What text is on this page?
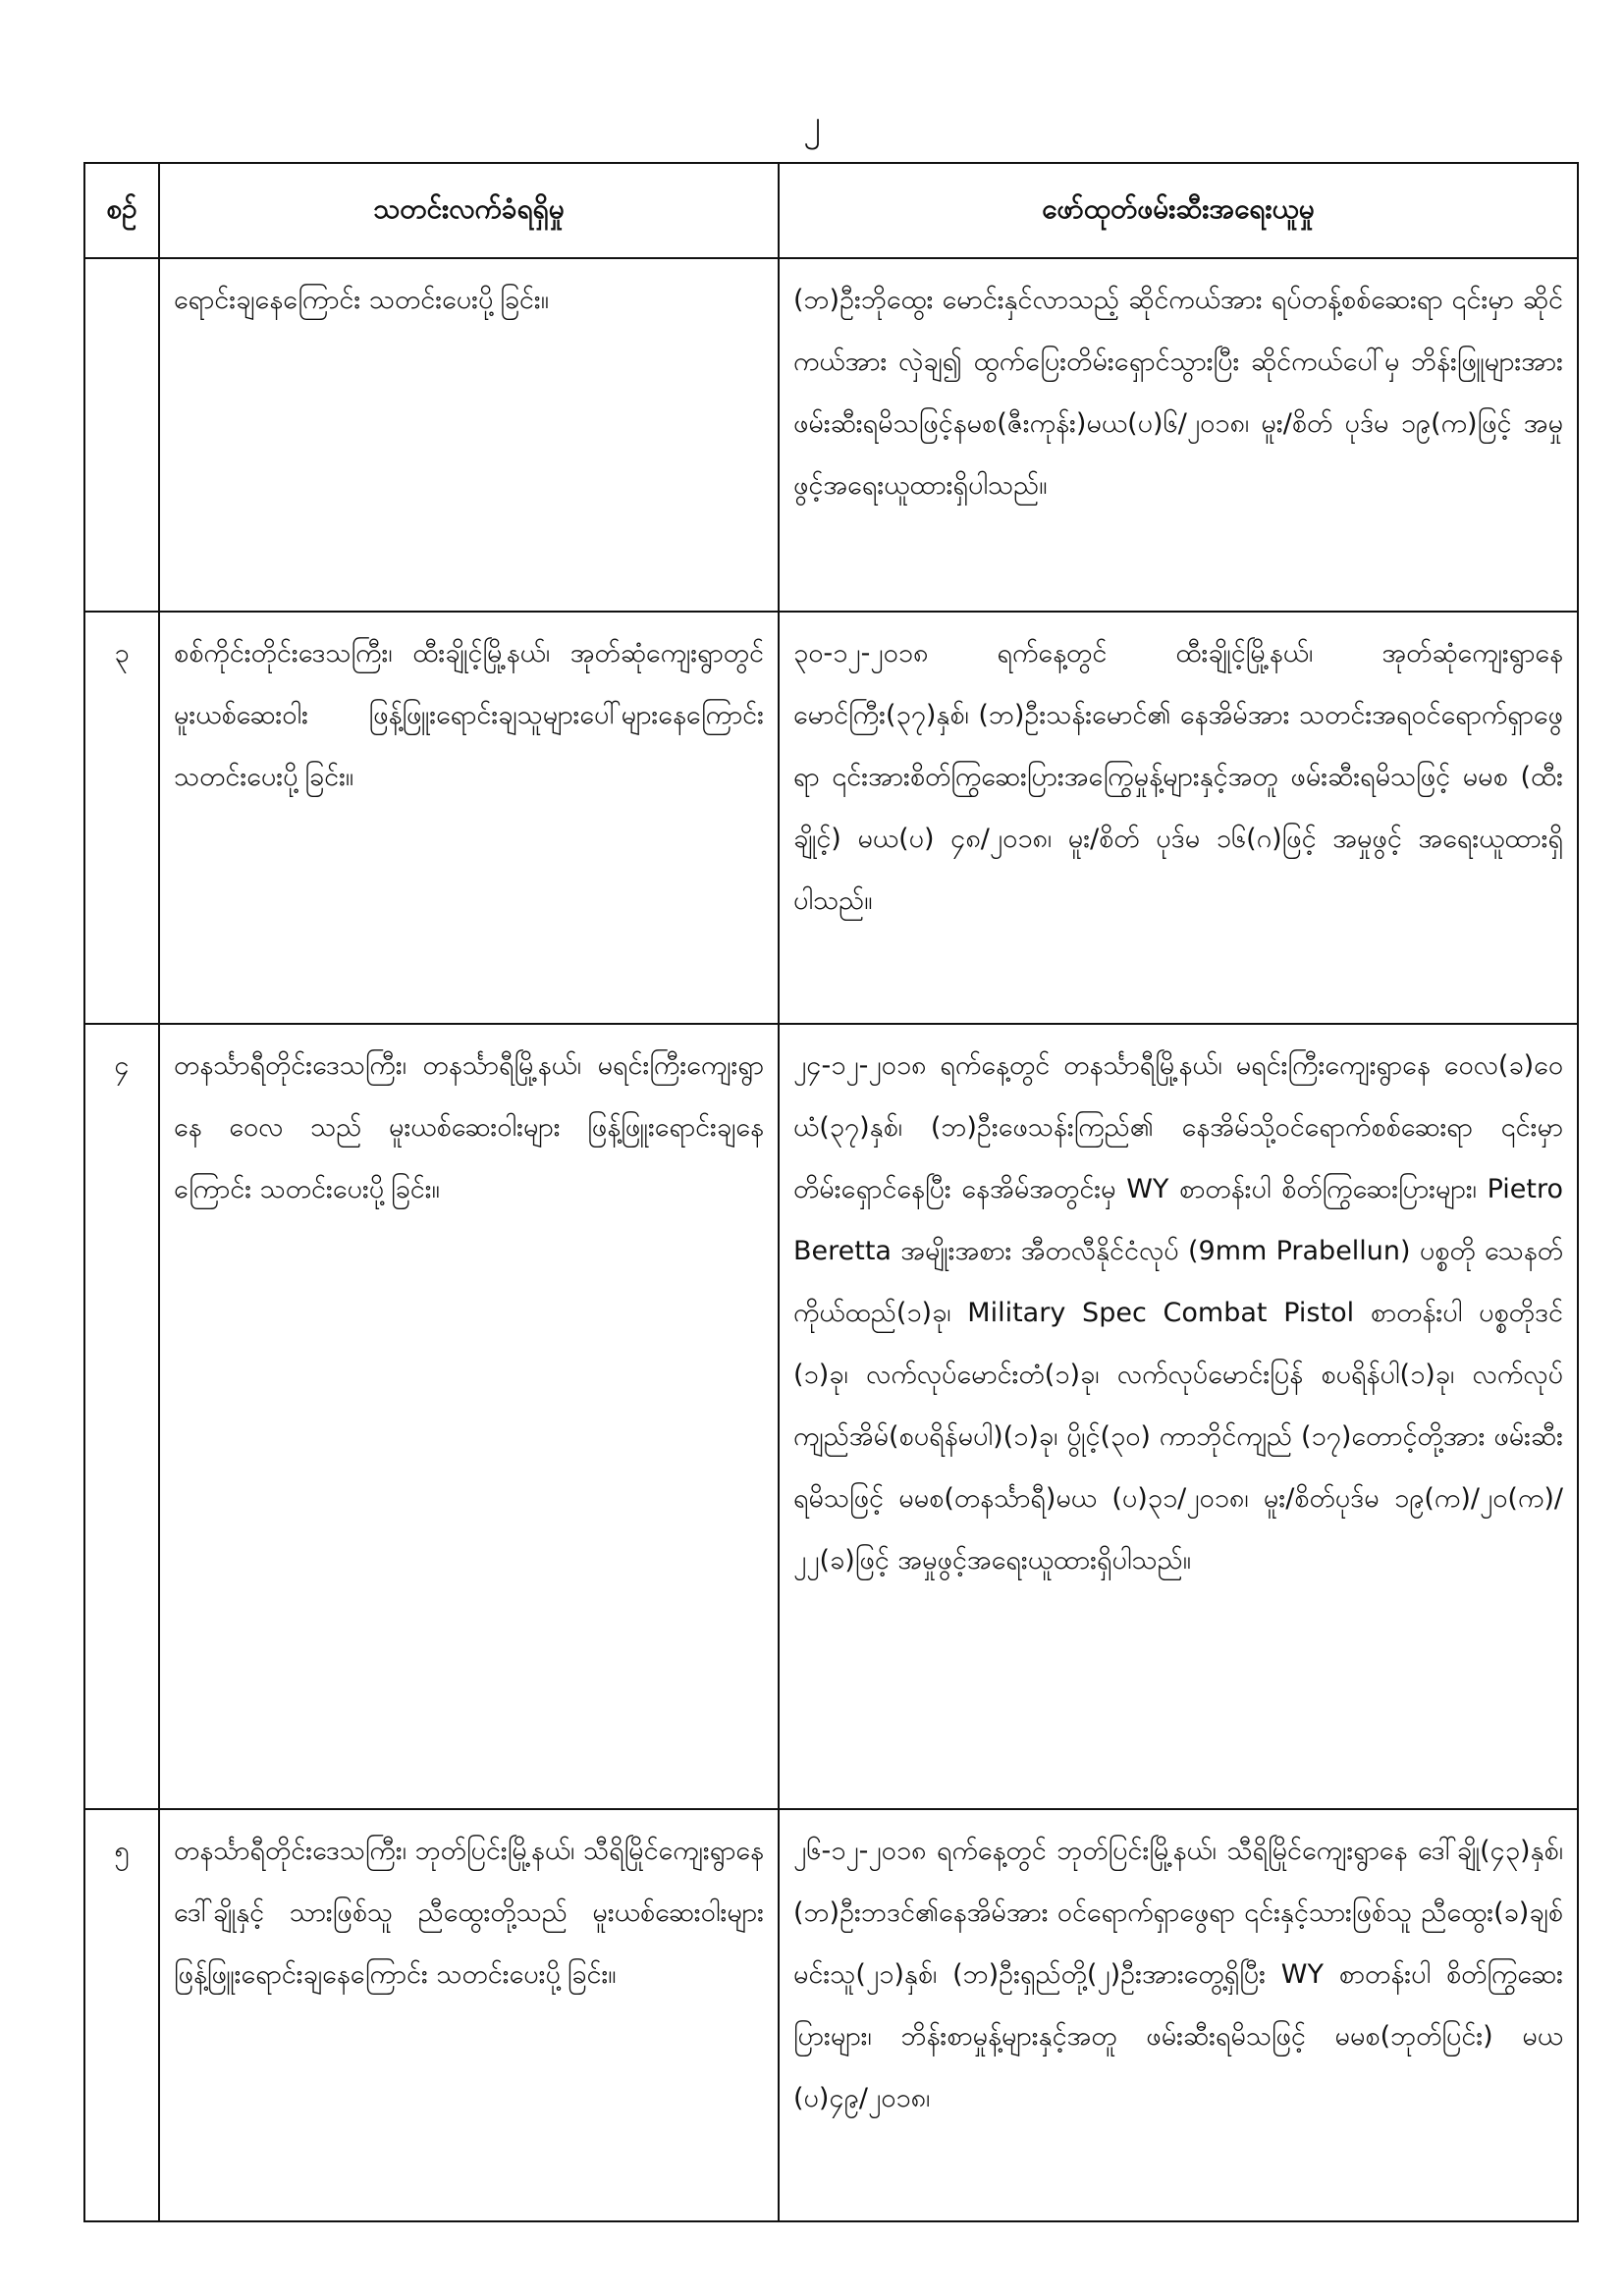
၂
စဉ်	သတင်းလက်ခံရရှိမှု	ဖော်ထုတ်ဖမ်းဆီးအရေးယူမှု
	ရောင်းချနေကြောင်း သတင်းပေးပို့ခြင်း။	(ဘ)ဦးဘိုထွေး မောင်းနှင်လာသည့် ဆိုင်ကယ်အား ရပ်တန့်စစ်ဆေးရာ ၎င်းမှာ ဆိုင်ကယ်အား လှဲချ၍ ထွက်ပြေးတိမ်းရှောင်သွားပြီး ဆိုင်ကယ်ပေါ်မှ ဘိန်းဖြူများအား ဖမ်းဆီးရမိသဖြင့်နမစ(ဇီးကုန်း)မယ(ပ)၆/၂၀၁၈၊ မူး/စိတ် ပုဒ်မ ၁၉(က)ဖြင့် အမှုဖွင့်အရေးယူထားရှိပါသည်။
၃	စစ်ကိုင်းတိုင်းဒေသကြီး၊ ထီးချိုင့်မြို့နယ်၊ အုတ်ဆုံကျေးရွာတွင် မူးယစ်ဆေးဝါး ဖြန့်ဖြူးရောင်းချသူများပေါ်များနေကြောင်း သတင်းပေးပို့ခြင်း။	၃၀-၁၂-၂၀၁၈ ရက်နေ့တွင် ထီးချိုင့်မြို့နယ်၊ အုတ်ဆုံကျေးရွာနေ မောင်ကြီး(၃၇)နှစ်၊ (ဘ)ဦးသန်းမောင်၏ နေအိမ်အား သတင်းအရဝင်ရောက်ရှာဖွေရာ ၎င်းအားစိတ်ကြွဆေးပြားအကြွေမှုန့်များနှင့်အတူ ဖမ်းဆီးရမိသဖြင့် မမစ (ထီးချိုင့်) မယ(ပ) ၄၈/၂၀၁၈၊ မူး/စိတ် ပုဒ်မ ၁၆(ဂ)ဖြင့် အမှုဖွင့် အရေးယူထားရှိပါသည်။
၄	တနင်္သာရီတိုင်းဒေသကြီး၊ တနင်္သာရီမြို့နယ်၊ မရင်းကြီးကျေးရွာနေ ဝေလ သည် မူးယစ်ဆေးဝါးများ ဖြန့်ဖြူးရောင်းချနေကြောင်း သတင်းပေးပို့ခြင်း။	၂၄-၁၂-၂၀၁၈ ရက်နေ့တွင် တနင်္သာရီမြို့နယ်၊ မရင်းကြီးကျေးရွာနေ ဝေလ(ခ)ဝေယံ(၃၇)နှစ်၊ (ဘ)ဦးဖေသန်းကြည်၏ နေအိမ်သို့ဝင်ရောက်စစ်ဆေးရာ ၎င်းမှာတိမ်းရှောင်နေပြီး နေအိမ်အတွင်းမှ WY စာတန်းပါ စိတ်ကြွဆေးပြားများ၊ Pietro Beretta အမျိုးအစား အီတလီနိုင်ငံလုပ် (9mm Prabellun) ပစ္စတို သေနတ်ကိုယ်ထည်(၁)ခု၊ Military Spec Combat Pistol စာတန်းပါ ပစ္စတိုဒင် (၁)ခု၊ လက်လုပ်မောင်းတံ(၁)ခု၊ လက်လုပ်မောင်းပြန် စပရိန်ပါ(၁)ခု၊ လက်လုပ်ကျည်အိမ်(စပရိန်မပါ)(၁)ခု၊ ပွိုင့်(၃၀) ကာဘိုင်ကျည် (၁၇)တောင့်တို့အား ဖမ်းဆီးရမိသဖြင့် မမစ(တနင်္သာရီ)မယ (ပ)၃၁/၂၀၁၈၊ မူး/စိတ်ပုဒ်မ ၁၉(က)/၂၀(က)/၂၂(ခ)ဖြင့် အမှုဖွင့်အရေးယူထားရှိပါသည်။
၅	တနင်္သာရီတိုင်းဒေသကြီး၊ ဘုတ်ပြင်းမြို့နယ်၊ သီရိမြိုင်ကျေးရွာနေ ဒေါ်ချိုနှင့် သားဖြစ်သူ ညီထွေးတို့သည် မူးယစ်ဆေးဝါးများ ဖြန့်ဖြူးရောင်းချနေကြောင်း သတင်းပေးပို့ခြင်း။	၂၆-၁၂-၂၀၁၈ ရက်နေ့တွင် ဘုတ်ပြင်းမြို့နယ်၊ သီရိမြိုင်ကျေးရွာနေ ဒေါ်ချို(၄၃)နှစ်၊ (ဘ)ဦးဘဒင်၏နေအိမ်အား ဝင်ရောက်ရှာဖွေရာ ၎င်းနှင့်သားဖြစ်သူ ညီထွေး(ခ)ချစ်မင်းသူ(၂၁)နှစ်၊ (ဘ)ဦးရှည်တို့(၂)ဦးအားတွေ့ရှိပြီး WY စာတန်းပါ စိတ်ကြွဆေးပြားများ၊ ဘိန်းစာမှုန့်များနှင့်အတူ ဖမ်းဆီးရမိသဖြင့် မမစ(ဘုတ်ပြင်း) မယ (ပ)၄၉/၂၀၁၈၊
